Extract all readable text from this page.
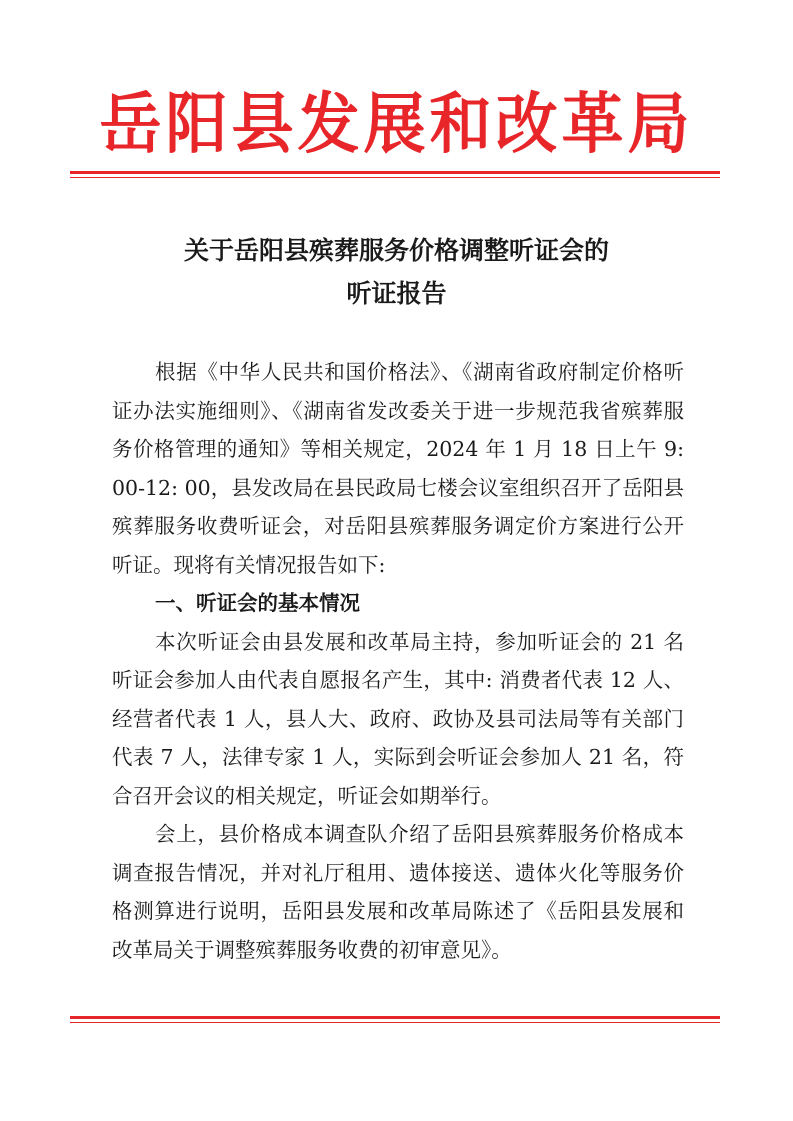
岳阳县发展和改革局
关于岳阳县殡葬服务价格调整听证会的
听证报告

根据《中华人民共和国价格法》、《湖南省政府制定价格听证办法实施细则》、《湖南省发改委关于进一步规范我省殡葬服务价格管理的通知》等相关规定，2024 年 1 月 18 日上午 9: 00-12: 00，县发改局在县民政局七楼会议室组织召开了岳阳县殡葬服务收费听证会，对岳阳县殡葬服务调定价方案进行公开听证。现将有关情况报告如下:

一、听证会的基本情况

本次听证会由县发展和改革局主持，参加听证会的 21 名听证会参加人由代表自愿报名产生，其中: 消费者代表 12 人、经营者代表 1 人，县人大、政府、政协及县司法局等有关部门代表 7 人，法律专家 1 人，实际到会听证会参加人 21 名，符合召开会议的相关规定，听证会如期举行。

会上，县价格成本调查队介绍了岳阳县殡葬服务价格成本调查报告情况，并对礼厅租用、遗体接送、遗体火化等服务价格测算进行说明，岳阳县发展和改革局陈述了《岳阳县发展和改革局关于调整殡葬服务收费的初审意见》。
